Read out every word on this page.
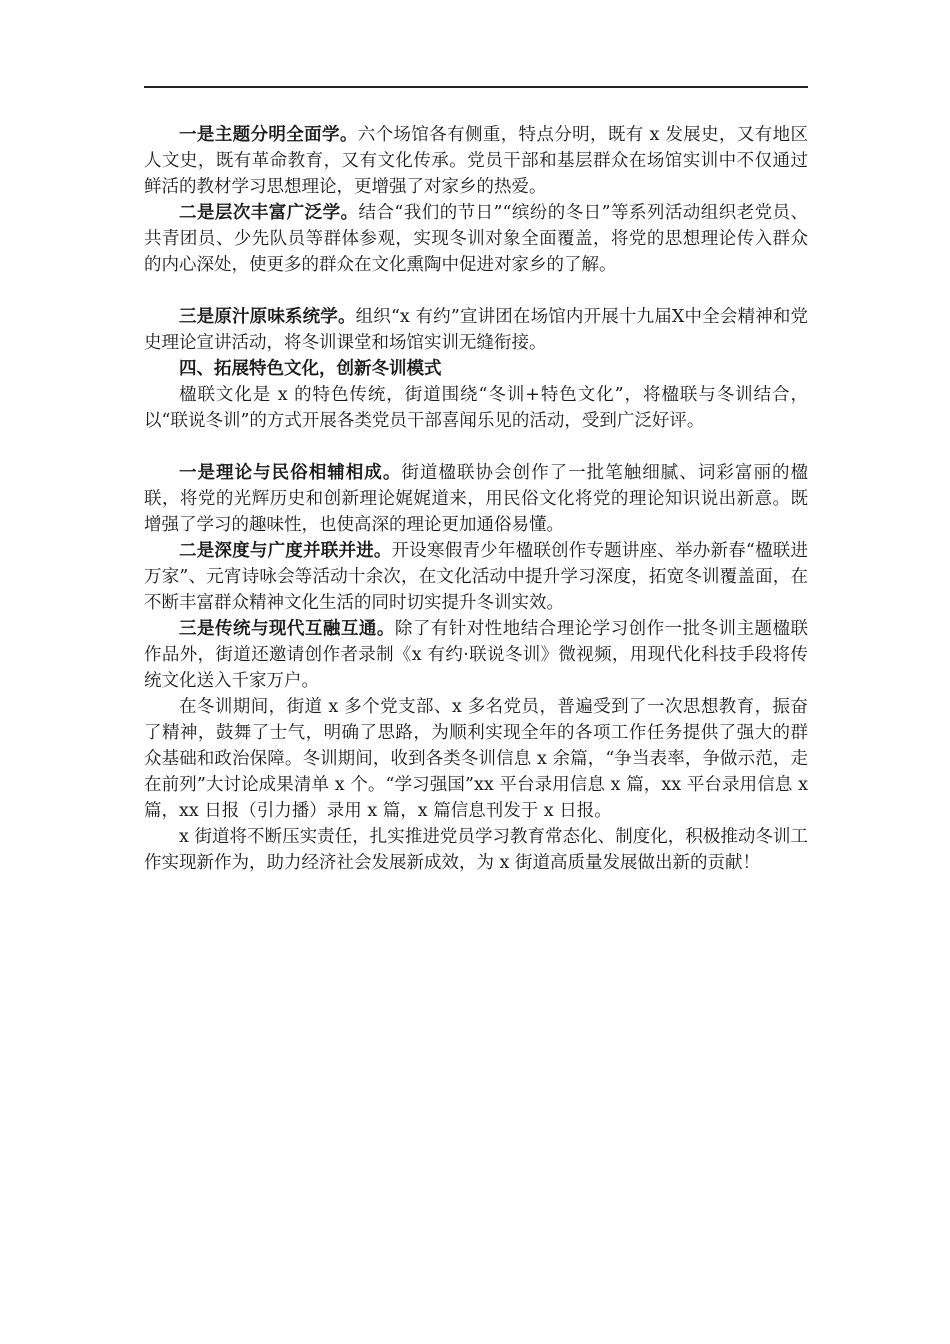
一是主题分明全面学。六个场馆各有侧重，特点分明，既有 x 发展史，又有地区人文史，既有革命教育，又有文化传承。党员干部和基层群众在场馆实训中不仅通过鲜活的教材学习思想理论，更增强了对家乡的热爱。

二是层次丰富广泛学。结合“我们的节日”“缤纷的冬日”等系列活动组织老党员、共青团员、少先队员等群体参观，实现冬训对象全面覆盖，将党的思想理论传入群众的内心深处，使更多的群众在文化熏陶中促进对家乡的了解。

三是原汁原味系统学。组织“x 有约”宣讲团在场馆内开展十九届Ⅹ中全会精神和党史理论宣讲活动，将冬训课堂和场馆实训无缝衔接。

四、拓展特色文化，创新冬训模式

楹联文化是 x 的特色传统，街道围绕“冬训+特色文化”，将楹联与冬训结合，以“联说冬训”的方式开展各类党员干部喜闻乐见的活动，受到广泛好评。

一是理论与民俗相辅相成。街道楹联协会创作了一批笔触细腻、词彩富丽的楹联，将党的光辉历史和创新理论娓娓道来，用民俗文化将党的理论知识说出新意。既增强了学习的趣味性，也使高深的理论更加通俗易懂。

二是深度与广度并联并进。开设寒假青少年楹联创作专题讲座、举办新春“楹联进万家”、元宵诗咏会等活动十余次，在文化活动中提升学习深度，拓宽冬训覆盖面，在不断丰富群众精神文化生活的同时切实提升冬训实效。

三是传统与现代互融互通。除了有针对性地结合理论学习创作一批冬训主题楹联作品外，街道还邀请创作者录制《x 有约·联说冬训》微视频，用现代化科技手段将传统文化送入千家万户。

在冬训期间，街道 x 多个党支部、x 多名党员，普遍受到了一次思想教育，振奋了精神，鼓舞了士气，明确了思路，为顺利实现全年的各项工作任务提供了强大的群众基础和政治保障。冬训期间，收到各类冬训信息 x 余篇，“争当表率，争做示范，走在前列”大讨论成果清单 x 个。“学习强国”xx 平台录用信息 x 篇，xx 平台录用信息 x 篇，xx 日报（引力播）录用 x 篇，x 篇信息刊发于 x 日报。

x 街道将不断压实责任，扎实推进党员学习教育常态化、制度化，积极推动冬训工作实现新作为，助力经济社会发展新成效，为 x 街道高质量发展做出新的贡献！
